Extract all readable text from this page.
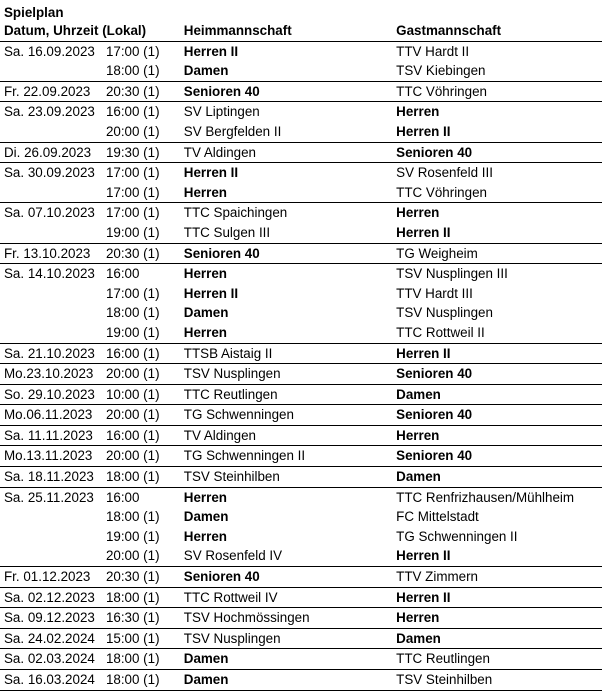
Spielplan
Datum, Uhrzeit (Lokal)		Heimmannschaft	Gastmannschaft
Sa. 16.09.2023	17:00 (1)	Herren II	TTV Hardt II
	18:00 (1)	Damen	TSV Kiebingen
Fr. 22.09.2023	20:30 (1)	Senioren 40	TTC Vöhringen
Sa. 23.09.2023	16:00 (1)	SV Liptingen	Herren
	20:00 (1)	SV Bergfelden II	Herren II
Di. 26.09.2023	19:30 (1)	TV Aldingen	Senioren 40
Sa. 30.09.2023	17:00 (1)	Herren II	SV Rosenfeld III
	17:00 (1)	Herren	TTC Vöhringen
Sa. 07.10.2023	17:00 (1)	TTC Spaichingen	Herren
	19:00 (1)	TTC Sulgen III	Herren II
Fr. 13.10.2023	20:30 (1)	Senioren 40	TG Weigheim
Sa. 14.10.2023	16:00	Herren	TSV Nusplingen III
	17:00 (1)	Herren II	TTV Hardt III
	18:00 (1)	Damen	TSV Nusplingen
	19:00 (1)	Herren	TTC Rottweil II
Sa. 21.10.2023	16:00 (1)	TTSB Aistaig II	Herren II
Mo.23.10.2023	20:00 (1)	TSV Nusplingen	Senioren 40
So. 29.10.2023	10:00 (1)	TTC Reutlingen	Damen
Mo.06.11.2023	20:00 (1)	TG Schwenningen	Senioren 40
Sa. 11.11.2023	16:00 (1)	TV Aldingen	Herren
Mo.13.11.2023	20:00 (1)	TG Schwenningen II	Senioren 40
Sa. 18.11.2023	18:00 (1)	TSV Steinhilben	Damen
Sa. 25.11.2023	16:00	Herren	TTC Renfrizhausen/Mühlheim
	18:00 (1)	Damen	FC Mittelstadt
	19:00 (1)	Herren	TG Schwenningen II
	20:00 (1)	SV Rosenfeld IV	Herren II
Fr. 01.12.2023	20:30 (1)	Senioren 40	TTV Zimmern
Sa. 02.12.2023	18:00 (1)	TTC Rottweil IV	Herren II
Sa. 09.12.2023	16:30 (1)	TSV Hochmössingen	Herren
Sa. 24.02.2024	15:00 (1)	TSV Nusplingen	Damen
Sa. 02.03.2024	18:00 (1)	Damen	TTC Reutlingen
Sa. 16.03.2024	18:00 (1)	Damen	TSV Steinhilben
